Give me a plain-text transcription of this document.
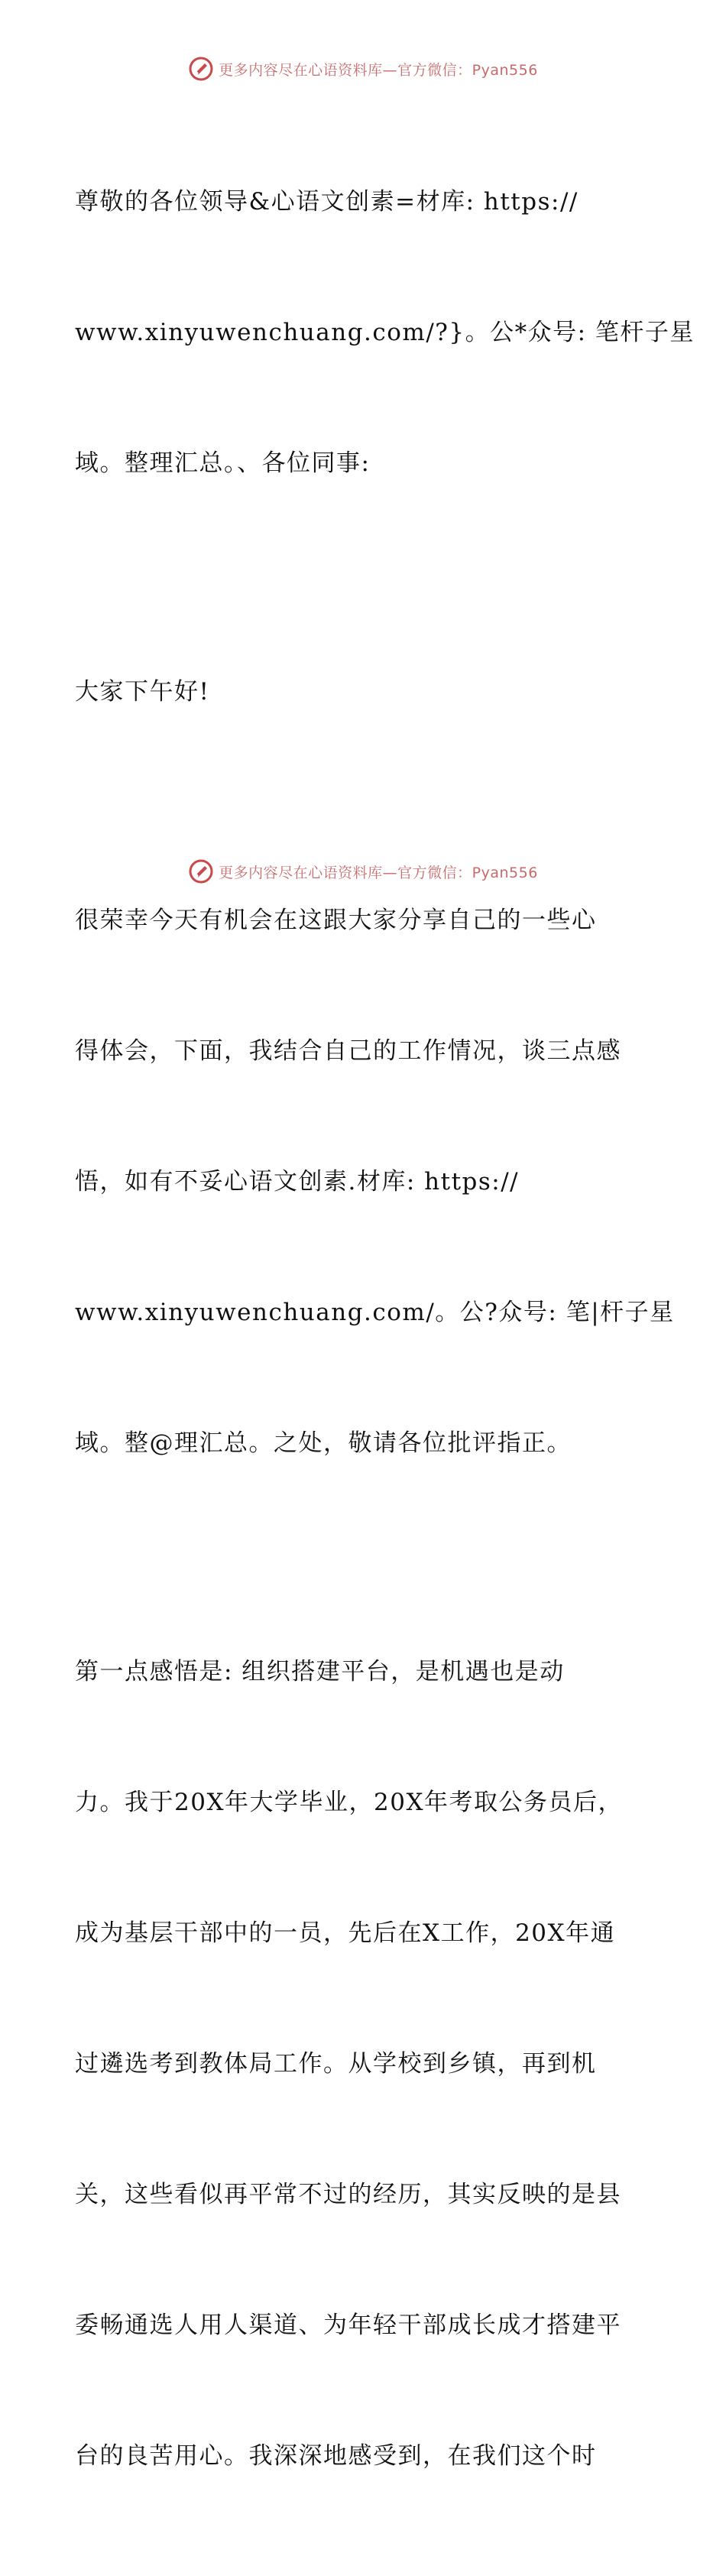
更多内容尽在心语资料库—官方微信：Pyan556

尊敬的各位领导&心语文创素=材库: https://

www.xinyuwenchuang.com/?}。公*众号: 笔杆子星

域。整理汇总。、各位同事:

大家下午好!

很荣幸今天有机会在这跟大家分享自己的一些心

得体会，下面，我结合自己的工作情况，谈三点感

悟，如有不妥心语文创素.材库: https://

www.xinyuwenchuang.com/。公?众号: 笔|杆子星

域。整@理汇总。之处，敬请各位批评指正。

第一点感悟是: 组织搭建平台，是机遇也是动

力。我于20X年大学毕业，20X年考取公务员后，

成为基层干部中的一员，先后在X工作，20X年通

过遴选考到教体局工作。从学校到乡镇，再到机

关，这些看似再平常不过的经历，其实反映的是县

委畅通选人用人渠道、为年轻干部成长成才搭建平

台的良苦用心。我深深地感受到，在我们这个时

更多内容尽在心语资料库—官方微信：Pyan556
